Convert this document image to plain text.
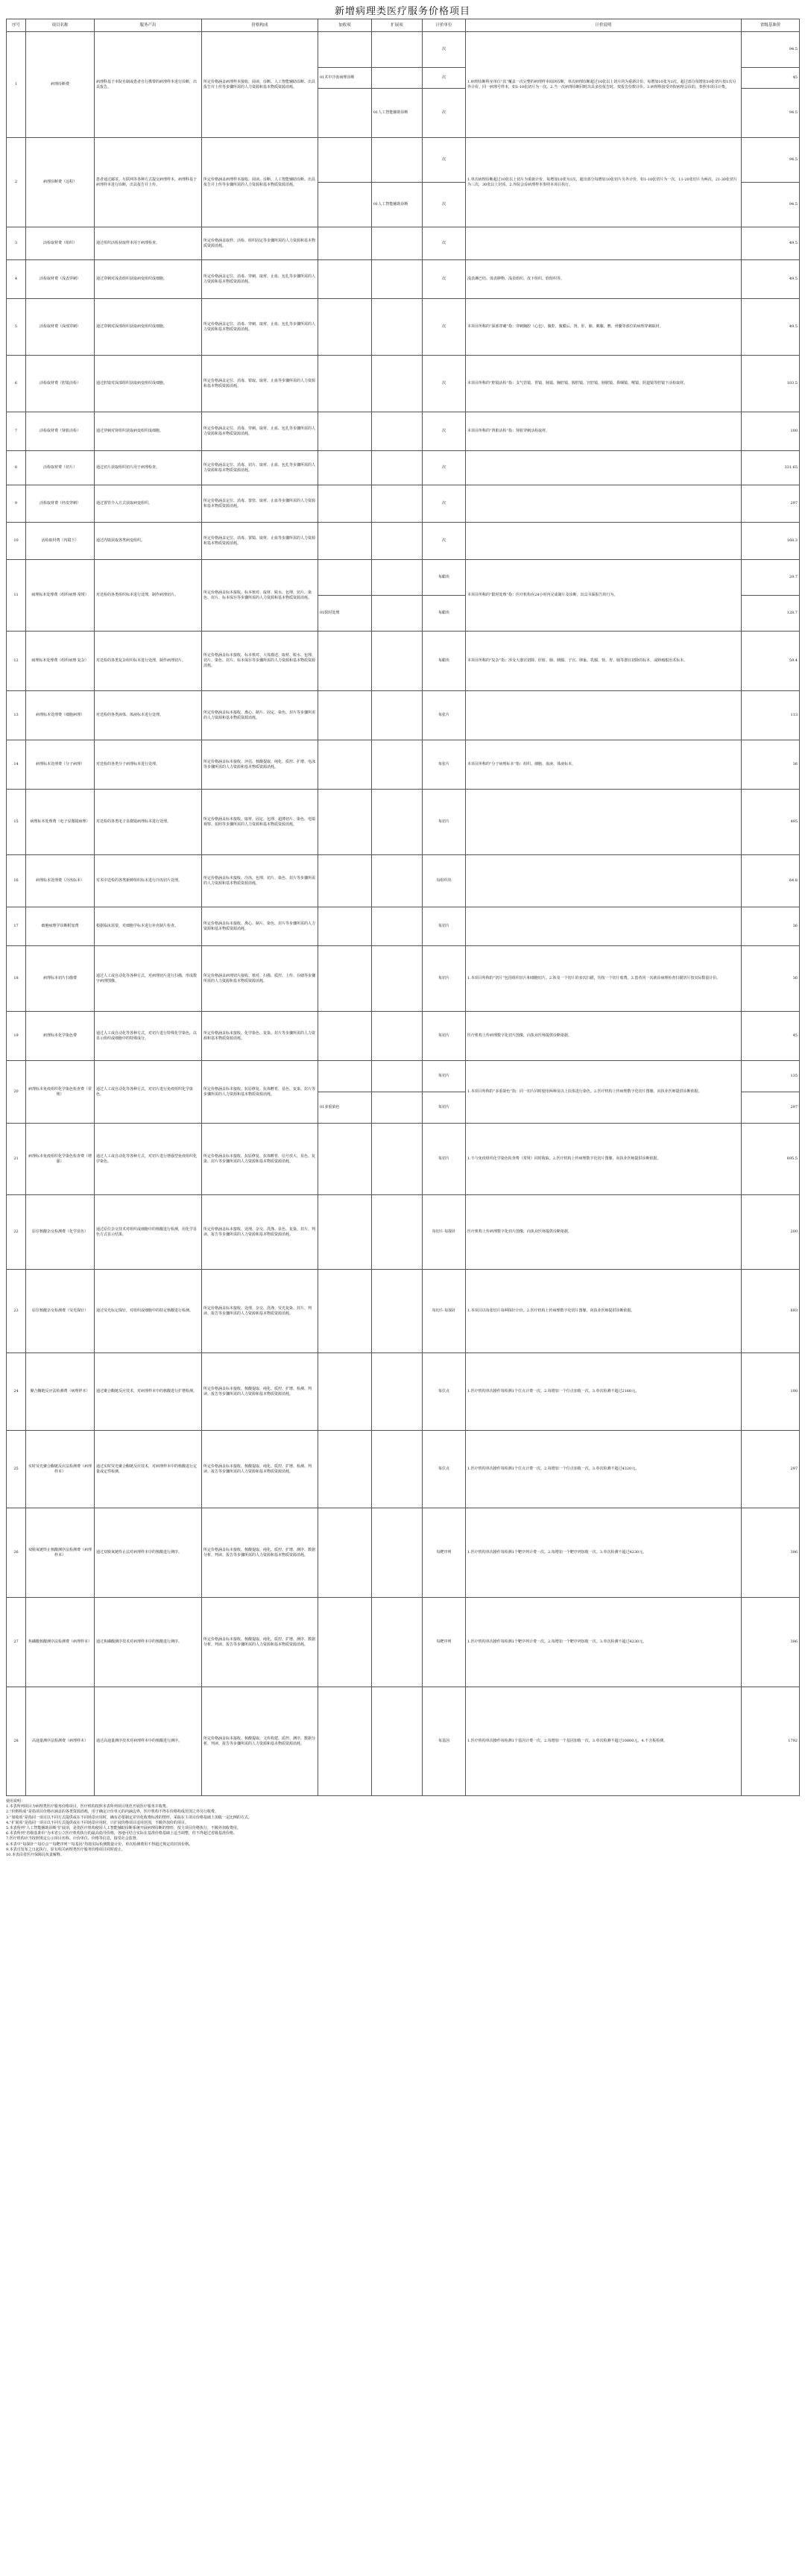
新增病理类医疗服务价格项目
序号	项目名称	服务产出	价格构成	加收项	扩展项	计价单位	计价说明	省级基准价
1	病理诊断费	病理科基于本院自制或患者自行携带的病理样本进行诊断，出具报告。	所定价格涵盖病理样本接收、阅读、诊断、人工智能辅助诊断、出具报告并上传等步骤所需的人力资源和基本物质资源消耗。			次	1.病理诊断科室单位“次”覆盖一次完整的病理样本阅读诊断，单次病理诊断超过10张以上切片的为重新计价，每增加10张为1次。超过部分每增加10张切片按1次另外计价。同一病理号样本，如1-10张切片为一次。2.当一次病理诊断同时出具多份报告时，按报告份数计价。3.病理科接受外院病理会诊的，参照本项目计费。	94.5
				01术中冷冻病理诊断		次		45
					01人工智能辅助诊断	次		94.5
2	病理诊断费（远程）	患者通过邮寄、互联网等各种方式提交病理样本，病理科基于病理样本进行诊断，出具报告并上传。	所定价格涵盖病理样本接收、阅读、诊断、人工智能辅助诊断、出具报告并上传等步骤所需的人力资源和基本物质资源消耗。			次	1.单次病理诊断超过10张以上切片为重新计价，每增加10张为1次。超出部分每增加10张切片另外计价，如1-10张切片为一次，11-20张切片为两次，21-30张切片为三次，30张以上封顶。2.外院会诊病理样本参照本项目执行。	94.5
					01人工智能辅助诊断	次		94.5
3	活检取材费（组织）	通过组织活检获取样本用于病理检查。	所定价格涵盖取样、活检、组织固定等步骤所需的人力资源和基本物质资源消耗。			次		49.5
4	活检取材费（浅表穿刺）	通过穿刺对浅表组织获取病变组织成细胞。	所定价格涵盖定位、消毒、穿刺、取材、止血、包扎等步骤所需的人力资源和基本物质资源消耗。			次	浅表淋巴结、体表肿物、浅表组织、皮下组织、软组织等。	49.5
5	活检取材费（深部穿刺）	通过穿刺对深部组织获取病变组织成细胞。	所定价格涵盖定位、消毒、穿刺、取材、止血、包扎等步骤所需的人力资源和基本物质资源消耗。			次	本项目所称的“深部穿刺”指：穿刺胸腔（心包）、腹腔、腹膜后、肾、肝、肺、胰腺、脾、骨髓等部位的病理穿刺取材。	49.5
6	活检取材费（腔镜活检）	通过腔镜对深部组织获取病变组织成细胞。	所定价格涵盖定位、消毒、钳取、取材、止血等步骤所需的人力资源和基本物质资源消耗。			次	本项目所称的“腔镜活检”指：支气管镜、胃镜、肠镜、胸腔镜、腹腔镜、宫腔镜、膀胱镜、鼻咽镜、喉镜、阴道镜等腔镜下活检取材。	103.5
7	活检取材费（肾脏活检）	通过穿刺对肾组织获取病变组织成细胞。	所定价格涵盖定位、消毒、穿刺、取材、止血、包扎等步骤所需的人力资源和基本物质资源消耗。			次	本项目所称的“肾脏活检”指：肾脏穿刺活检取材。	100
8	活检取材费（切片）	通过切片获取组织切片用于病理检查。	所定价格涵盖定位、消毒、切片、取材、止血、包扎等步骤所需的人力资源和基本物质资源消耗。			次		331.65
9	活检取材费（经皮穿刺）	通过置管介入方式获取病变组织。	所定价格涵盖定位、消毒、置管、取材、止血等步骤所需的人力资源和基本物质资源消耗。			次		297
10	活检取材费（内镜下）	通过内镜获取各类病变组织。	所定价格涵盖定位、消毒、置镜、取材、止血等步骤所需的人力资源和基本物质资源消耗。			次		168.3
11	病理标本处理费（组织病理·常规）	对送检的各类组织标本进行处理，制作病理切片。	所定价格涵盖标本接收、标本核对、取材、脱水、包埋、切片、染色、封片、标本保存等步骤所需的人力资源和基本物质资源消耗。			每蜡块	本项目所称的“限时处理”指：医疗机构在24小时内完成制片及诊断，出具书面报告的行为。	29.7
				01限时处理		每蜡块		128.7
12	病理标本处理费（组织病理·复杂）	对送检的各类复杂组织标本进行处理，制作病理切片。	所定价格涵盖标本接收、标本核对、大体描述、取材、脱水、包埋、切片、染色、封片、标本保存等步骤所需的人力资源和基本物质资源消耗。			每蜡块	本项目所称的“复杂”指：涉及大器官切除、肝脏、肺、胰腺、子宫、卵巢、乳腺、肾、胃、肠等器官切除的标本，或肿瘤根治术标本。	59.4
13	病理标本处理费（细胞病理）	对送检的各类液体、体液标本进行处理。	所定价格涵盖标本接收、离心、制片、固定、染色、封片等步骤所需的人力资源和基本物质资源消耗。			每张片		113
14	病理标本处理费（分子病理）	对送检的各类分子病理标本进行处理。	所定价格涵盖标本接收、评估、核酸提取、纯化、质控、扩增、电泳等步骤所需的人力资源和基本物质资源消耗。			每张片	本项目所称的“分子病理标本”指：组织、细胞、血液、体液标本。	36
15	病理标本处理费（电子显微镜病理）	对送检的各类电子显微镜病理标本进行处理。	所定价格涵盖标本接收、取材、固定、包埋、超薄切片、染色、电镜观察、拍照等步骤所需的人力资源和基本物质资源消耗。			每切片		495
16	病理标本处理费（冷冻标本）	对术中送检的各类新鲜组织标本进行冷冻切片处理。	所定价格涵盖标本接收、冷冻、包埋、切片、染色、封片等步骤所需的人力资源和基本物质资源消耗。			每组织块		64.8
17	细胞病理学诊断附加费	根据临床需要，对细胞学标本进行补充制片检查。	所定价格涵盖标本接收、离心、制片、染色、封片等步骤所需的人力资源和基本物质资源消耗。			每切片		36
18	病理标本切片扫描费	通过人工或自动化等各种方式，对病理切片进行扫描，形成数字病理图像。	所定价格涵盖病理切片接收、核对、扫描、质控、上传、存储等步骤所需的人力资源和基本物质资源消耗。			每切片	1.本项目所称的“切片”包括组织切片和细胞切片。2.涉及一个切片的多次扫描，均按一个切片收费。3.患者同一次就诊病理检查扫描切片按实际数量计价。	36
19	病理标本化学染色费	通过人工或自动化等各种方式，对切片进行特殊化学染色，以显示组织或细胞中的特殊成分。	所定价格涵盖标本接收、化学染色、复染、封片等步骤所需的人力资源和基本物质资源消耗。			每切片	医疗机构上传病理数字化切片图像，向执业医师提供诊断依据。	45
20	病理标本免疫组织化学染色检查费（常规）	通过人工或自动化等各种方式，对切片进行免疫组织化学染色。	所定价格涵盖标本接收、抗原修复、抗体孵育、显色、复染、封片等步骤所需的人力资源和基本物质资源消耗。			每切片	1.本项目所称的“多重染色”指：同一切片同时使用两种及以上抗体进行染色。2.医疗机构上传病理数字化切片图像，向执业医师提供诊断依据。	135
				01多重染色		每切片		297
21	病理标本免疫组织化学染色检查费（增强）	通过人工或自动化等各种方式，对切片进行增强型免疫组织化学染色。	所定价格涵盖标本接收、抗原修复、抗体孵育、信号放大、显色、复染、封片等步骤所需的人力资源和基本物质资源消耗。			每切片	1.不与免疫组织化学染色检查费（常规）同时收取。2.医疗机构上传病理数字化切片图像，向执业医师提供诊断依据。	895.5
22	原位核酸杂交检测费（化学显色）	通过原位杂交技术对组织或细胞中的核酸进行检测，用化学显色方式显示结果。	所定价格涵盖标本接收、处理、杂交、洗涤、显色、复染、封片、判读、报告等步骤所需的人力资源和基本物质资源消耗。			每切片·每探针	医疗机构上传病理数字化切片图像，向执业医师提供诊断依据。	200
23	原位核酸杂交检测费（荧光探针）	通过荧光标记探针，对组织或细胞中的特定核酸进行检测。	所定价格涵盖标本接收、处理、杂交、洗涤、荧光复染、封片、判读、报告等步骤所需的人力资源和基本物质资源消耗。			每切片·每探针	1.本项目以每张切片每种探针计价。2.医疗机构上传病理数字化切片图像，向执业医师提供诊断依据。	693
24	聚合酶链反应法检测费（病理样本）	通过聚合酶链反应技术，对病理样本中的核酸进行扩增检测。	所定价格涵盖标本接收、核酸提取、纯化、质控、扩增、检测、判读、报告等步骤所需的人力资源和基本物质资源消耗。			每位点	1.医疗机构单次操作每检测1个位点计费一次。2.每增加一个位点加收一次。3.单次检测不超过2160元。	198
25	实时荧光聚合酶链反应法检测费（病理样本）	通过实时荧光聚合酶链反应技术，对病理样本中的核酸进行定量或定性检测。	所定价格涵盖标本接收、核酸提取、纯化、质控、扩增、检测、判读、报告等步骤所需的人力资源和基本物质资源消耗。			每位点	1.医疗机构单次操作每检测1个位点计费一次。2.每增加一个位点加收一次。3.单次检测不超过4320元。	297
26	双脱氧链终止核酸测序法检测费（病理样本）	通过双脱氧链终止法对病理样本中的核酸进行测序。	所定价格涵盖标本接收、核酸提取、纯化、质控、扩增、测序、数据分析、判读、报告等步骤所需的人力资源和基本物质资源消耗。			每靶序列	1.医疗机构单次操作每检测1个靶序列计费一次。2.每增加一个靶序列加收一次。3.单次检测不超过4230元。	396
27	焦磷酸核酸测序法检测费（病理样本）	通过焦磷酸测序技术对病理样本中的核酸进行测序。	所定价格涵盖标本接收、核酸提取、纯化、质控、扩增、测序、数据分析、判读、报告等步骤所需的人力资源和基本物质资源消耗。			每靶序列	1.医疗机构单次操作每检测1个靶序列计费一次。2.每增加一个靶序列加收一次。3.单次检测不超过4230元。	396
28	高通量测序法检测费（病理样本）	通过高通量测序技术对病理样本中的核酸进行测序。	所定价格涵盖标本接收、核酸提取、文库构建、质控、测序、数据分析、判读、报告等步骤所需的人力资源和基本物质资源消耗。			每基因	1.医疗机构单次操作每检测1个基因计费一次。2.每增加一个基因加收一次。3.单次检测不超过10800元。4.不含板检测。	1792
使用说明：
1.本表所列项目为病理类医疗服务价格项目，医疗机构按照本表所列项目规范开展医疗服务并收费。
2.“价格构成”是指项目价格应涵盖的各类资源消耗，用于确定计价单元的内涵边界，医疗机构不得在价格构成范围之外另行收费。
3.“加收项”是指同一项目以不同方式提供或在不同场景应用时，确有必要制定差异化收费标准的情形，采取在主项目价格基础上加收一定比例的方式。
4.“扩展项”是指同一项目以不同方式提供或在不同场景应用时，只扩展价格项目适用范围，不额外加价的项目。
5.本表所列“人工智能辅助诊断”扩展项，是指医疗机构使用人工智能辅助诊断系统开展病理诊断的情形，按主项目价格执行，不额外加收费用。
6.本表所列“省级基准价”为本省公立医疗机构执行的最高指导价格，各地可结合实际在基准价格基础上适当调整，但不得超过省级基准价格。
7.医疗机构应当按照规定公示项目名称、计价单位、价格等信息，接受社会监督。
8.本表中“每探针”“每位点”“每靶序列”“每基因”均按实际检测数量计价，单次检测费用不得超过规定的封顶价格。
9.本表自发布之日起执行，原有相关病理类医疗服务价格项目同时废止。
10.本表由省医疗保障局负责解释。
